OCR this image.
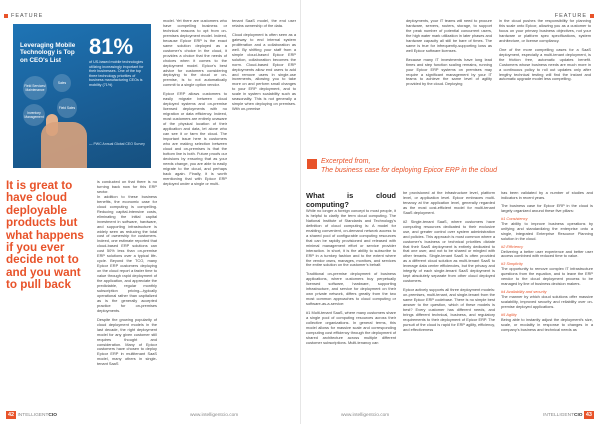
FEATURE
Leveraging Mobile Technology is Top on CEO's List
Field Services/ Maintenance
Sales
Inventory Management
Field Sales
81%
of US-based mobile technologies utilizing increasingly important for their businesses. One of the top three technology priorities of business manufacturing CEOs is mobility (71%)
— PWC Annual Global CEO Survey
It is great to have cloud deployable products but what happens if you ever decide not to and you want to pull back

is conducted on that there is no turning back now for this ERP sector.

In addition to these business benefits, the economic case for cloud computing is compelling. Reducing capital-intensive costs, eliminating the initial capital investment in software, hardware, and supporting infrastructure is widely seen as reducing the total cost of ownership for customers. Indeed, one estimate reported that cloud-based ERP solutions can cost 50% less than on-premise ERP solutions over a typical life-cycle. Beyond the TCO, many Epicor ERP customers deploying on the cloud report a faster time to value through rapid deployment of the application, and appreciate the predictable, regular monthly subscription pricing—typically operational rather than capitalized as is the generally accepted practice for on-premises deployments.

Despite the growing popularity of cloud deployment models in the last decade, the right deployment model for any given customer still requires thought and consideration. Many of Epicor customers have chosen to deploy Epicor ERP in multitenant SaaS model, many others in single-tenant SaaS

model. Yet there are customers who have compelling business or technical reasons to opt from on-premises deployment model. Indeed, because Epicor ERP is the exact same solution deployed as a customer’s choice in the cloud, it provides a choice that the needs of choices when it comes to the deployment model. Epicor’s best advice for customers considering deploying to the cloud or on-premise, is to not automatically commit to a single option vendor.

Epicor ERP allows customers to easily migrate between cloud deployed systems and on-premise licensed deployments with no migration or data efficiency. Indeed, most customers are entirely unaware of the physical location of their application and data, let alone who can see it or farm the cloud. The important issue here is customers who are making selection between cloud and on-premises is that the bottom line is both. Future proofs our decisions by ensuring that as your needs change, you are able to easily migrate to the cloud, and perhaps back again. Finally, it is worth mentioning that with Epicor ERP deployed under a single or multi-

tenant SaaS model, the end user retains ownership of the data.

Cloud deployment is often seen as a gateway to end internal system proliferation and a collaboration as well. By shifting your staff from a simple cloud-based Epicor ERP solution, collaboration becomes the norm. Cloud-based Epicor ERP deployments allow end users to add and remove users in single-use increments, allowing you to take more on and perform small changes to your ERP deployment, and to scale in system scalability such as seasonality. This is not generally a simple when deploying on premises. With on-premise

42 INTELLIGENTCIO	www.intelligentcio.com
FEATURE

deployments, your IT teams will need to procure hardware, servers, routers, storage, to support the peak number of potential concurrent users, the high water mark utilization in later phases and hardware capacity all still be bare of times. The same is true for infrequently-supporting lows as well Epicor software licenses.

Because many IT investments have long lead times and step function scaling remains, running your Epicor ERP systems on premises may require a significant management by your IT teams to achieve the same level of agility provided by the cloud. Deploying

in the cloud pushes the responsibility for planning this scale onto Epicor, allowing you as a customer to focus on your primary business objectives, not your hardware or platform spec specifications, system architecture, or license compliancy.

One of the more compelling cases for a SaaS deployment, especially a multi-tenant deployment, is the friction free, automatic updates benefit. Customers whose business needs are much more in a continuous policy to roll out updates only after lengthy technical testing will find the instant and automatic upgrade model less compelling.

Excerpted from,
The business case for deploying Epicor ERP in the cloud

What is cloud computing?

While no longer a foreign concept to most people, it is helpful to clarify the term cloud computing. The National Institute of Standards and Technology’s definition of cloud computing is: A model for enabling convenient, on-demand network access to a shared pool of configurable computing resources that can be rapidly provisioned and released with minimal management effort or service provider interaction. In short, it is the ability to subscribe to ERP in a turnkey fashion and to the extent where the vendor owns, manages, monitors, and services the entire solution on the customer’s behalf.

Traditional on-premise deployment of business applications, where customers buy perpetually licensed software, hardware, supporting infrastructure, and service for deployment on their own private network, differs greatly from the two most common approaches to cloud computing or software-as-a-service:

#1 Multi-tenant SaaS, where many customers share a single pool of computing resources across their collective organizations. In general terms, this model allows for massive scale and corresponding computing cost efficiency through the deployment of shared architecture across multiple different customer subscriptions. Multi-tenancy can

be provisioned at the infrastructure level, platform level, or application level. Epicor embraces multi-tenancy at the application level, generally regarded as the most cost-efficient model for multi-tenant SaaS deployment.

#2 Single-tenant SaaS, where customers have computing resources dedicated to their exclusive use, and greater control over system administration and policies. This approach is most common where a customer’s business or technical priorities dictate that their SaaS deployment is entirely dedicated to that one user, and not to be shared or mingled with other tenants. Single-tenant SaaS is often provided as a different cloud solution as multi-tenant SaaS to leverage data center efficiencies, but the privacy and integrity of each single-tenant SaaS deployment is kept absolutely separate from other cloud deployed customers.

Epicor actively supports all three deployment models: on-premises, multi-tenant, and single-tenant from the same Epicor ERP codebase. There is no simple best answer to the question, which of these models is best? Every customer has different needs, and brings different technical, business, and regulatory requirements to their deployment of Epicor ERP. The pursuit of the cloud is rapid for ERP agility, efficiency, and effectiveness

has been validated by a number of studies and indicators in recent years.

The business case for Epicor ERP in the cloud is largely organized around these five pillars:

#1 Consistency

The ability to improve business operations by unifying and standardizing the enterprise onto a single, integrated Enterprise Resource Planning solution in the cloud.

#2 Efficiency

Delivering a better user experience and better user access combined with reduced time to value.

#3 Simplicity

The opportunity to remove complex IT infrastructure questions from the equation, and to leave the ERP vendor to the cloud deployment process to be managed by line of business decision makers.

#4 Availability and security

The manner by which cloud solutions offer massive scalability, improved security and reliability over on-premise deployed applications.

#5 Agility

Being able to instantly adjust the deployment’s size, scale, or modality in response to changes in a company’s business and technical needs as

www.intelligentcio.com	INTELLIGENTCIO 43
